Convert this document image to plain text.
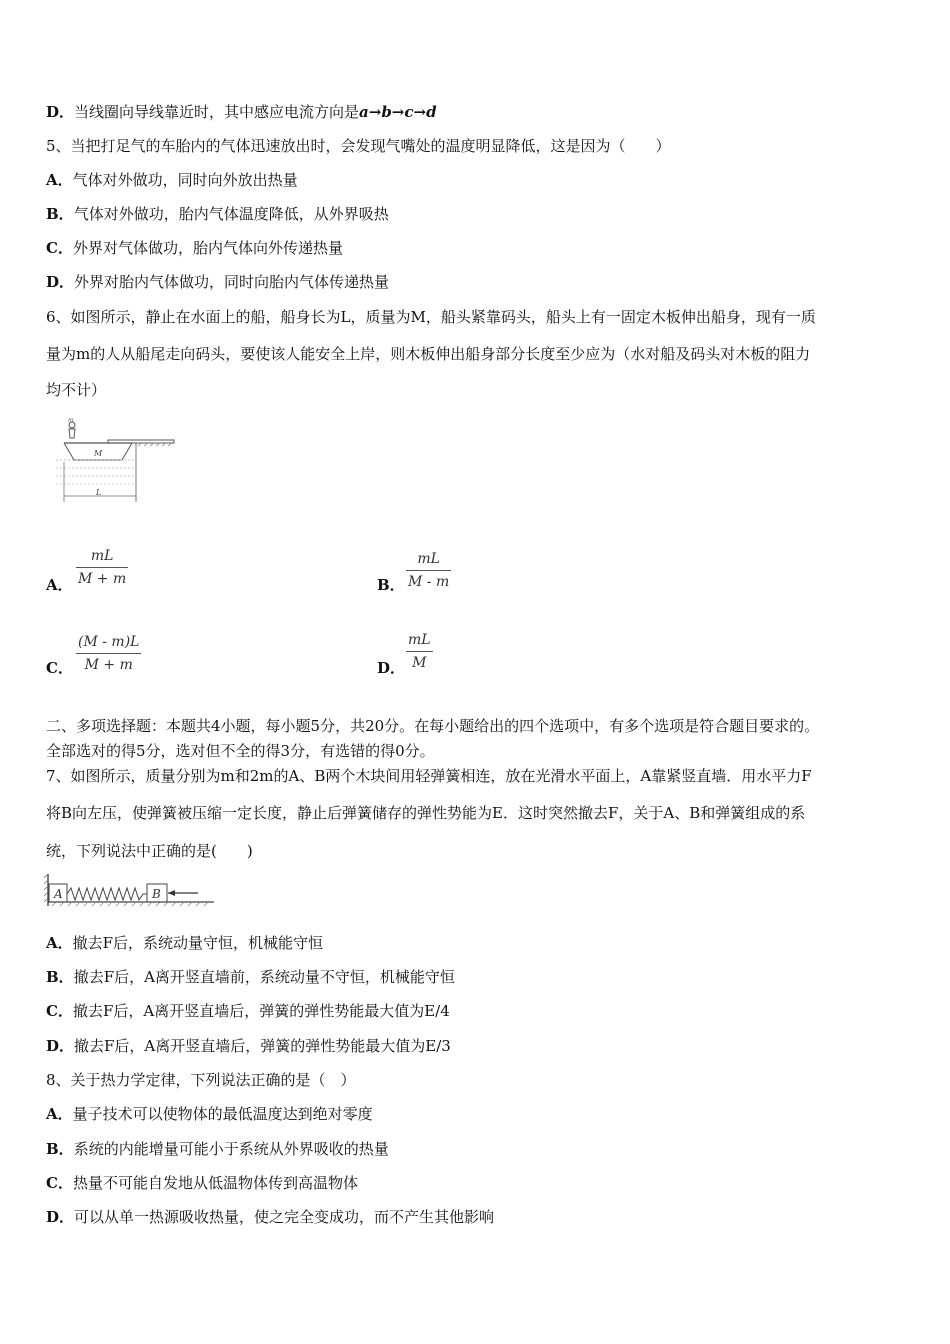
D．当线圈向导线靠近时，其中感应电流方向是a→b→c→d
5、当把打足气的车胎内的气体迅速放出时，会发现气嘴处的温度明显降低，这是因为（　　）
A．气体对外做功，同时向外放出热量
B．气体对外做功，胎内气体温度降低，从外界吸热
C．外界对气体做功，胎内气体向外传递热量
D．外界对胎内气体做功，同时向胎内气体传递热量
6、如图所示，静止在水面上的船，船身长为L，质量为M，船头紧靠码头，船头上有一固定木板伸出船身，现有一质
量为m的人从船尾走向码头，要使该人能安全上岸，则木板伸出船身部分长度至少应为（水对船及码头对木板的阻力
均不计）
m
M
L
A． $\frac{mL}{M + m}$	B． $\frac{mL}{M - m}$
C． $\frac{(M - m)L}{M + m}$	D． $\frac{mL}{M}$
二、多项选择题：本题共4小题，每小题5分，共20分。在每小题给出的四个选项中，有多个选项是符合题目要求的。
全部选对的得5分，选对但不全的得3分，有选错的得0分。
7、如图所示，质量分别为m和2m的A、B两个木块间用轻弹簧相连，放在光滑水平面上，A靠紧竖直墙．用水平力F
将B向左压，使弹簧被压缩一定长度，静止后弹簧储存的弹性势能为E．这时突然撤去F，关于A、B和弹簧组成的系
统，下列说法中正确的是(　　)
A	B
A．撤去F后，系统动量守恒，机械能守恒
B．撤去F后，A离开竖直墙前，系统动量不守恒，机械能守恒
C．撤去F后，A离开竖直墙后，弹簧的弹性势能最大值为E/4
D．撤去F后，A离开竖直墙后，弹簧的弹性势能最大值为E/3
8、关于热力学定律，下列说法正确的是（　）
A．量子技术可以使物体的最低温度达到绝对零度
B．系统的内能增量可能小于系统从外界吸收的热量
C．热量不可能自发地从低温物体传到高温物体
D．可以从单一热源吸收热量，使之完全变成功，而不产生其他影响
